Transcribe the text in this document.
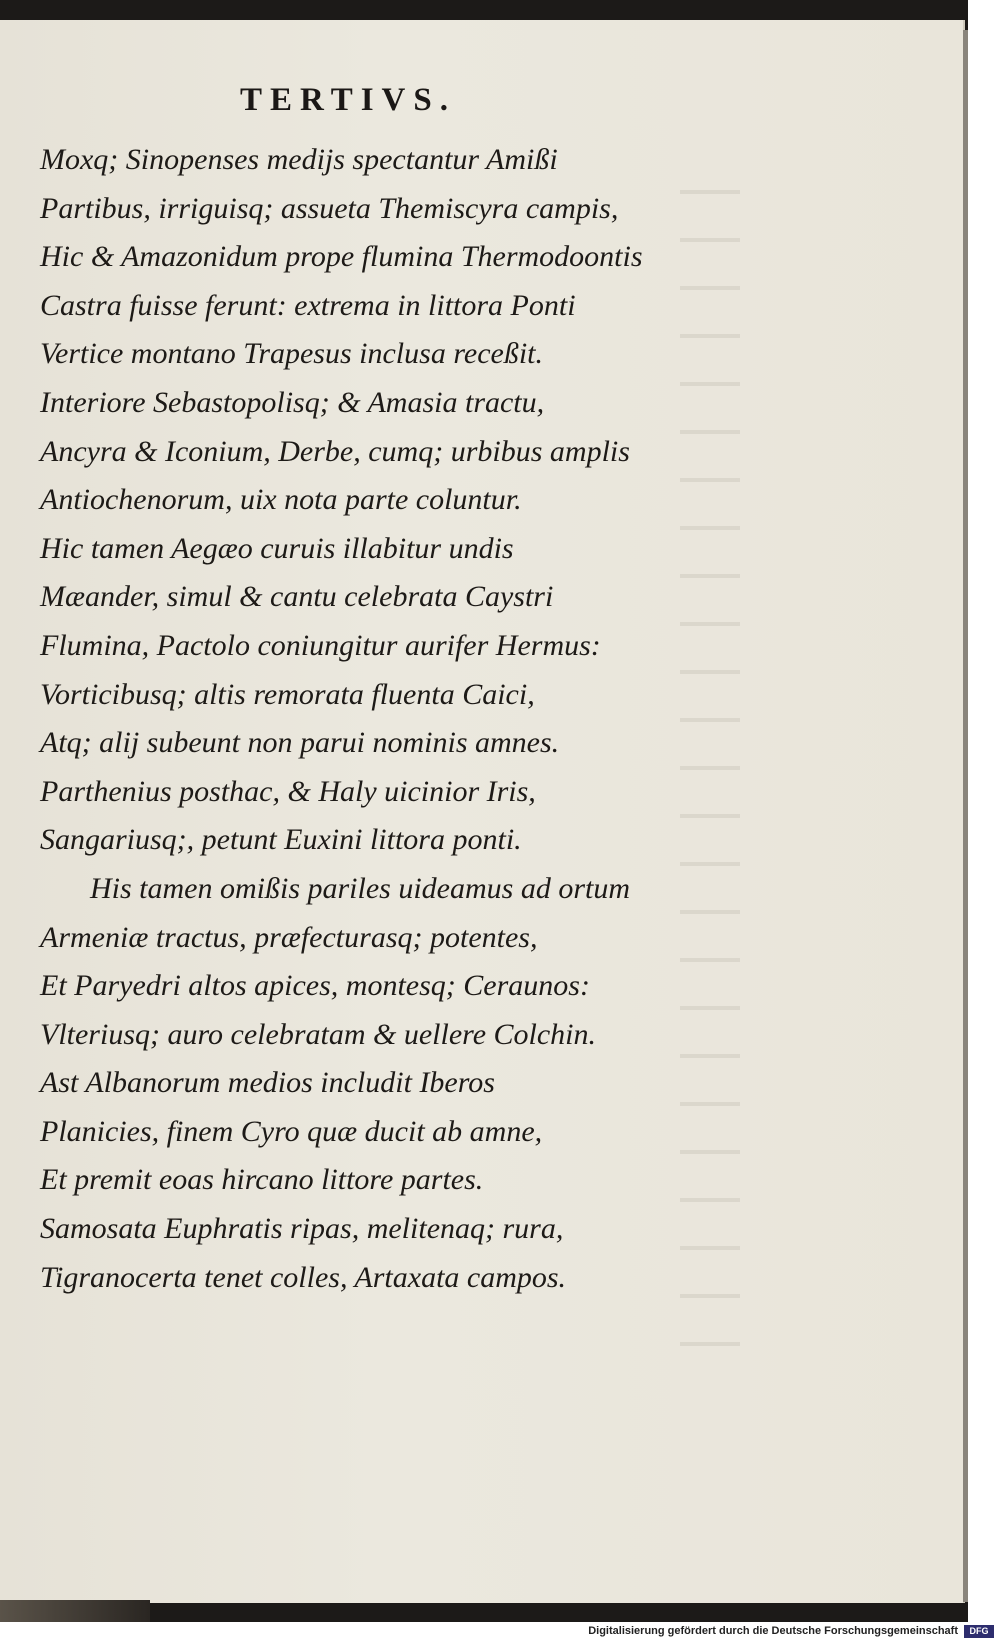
TERTIVS.
Moxq; Sinopenses medijs spectantur Amißi
Partibus, irriguisq; assueta Themiscyra campis,
Hic & Amazonidum prope flumina Thermodoontis
Castra fuisse ferunt: extrema in littora Ponti
Vertice montano Trapesus inclusa receßit.
Interiore Sebastopolisq; & Amasia tractu,
Ancyra & Iconium, Derbe, cumq; urbibus amplis
Antiochenorum, uix nota parte coluntur.
Hic tamen Aegæo curuis illabitur undis
Mæander, simul & cantu celebrata Caystri
Flumina, Pactolo coniungitur aurifer Hermus:
Vorticibusq; altis remorata fluenta Caici,
Atq; alij subeunt non parui nominis amnes.
Parthenius posthac, & Haly uicinior Iris,
Sangariusq;, petunt Euxini littora ponti.
His tamen omißis pariles uideamus ad ortum
Armeniæ tractus, præfecturasq; potentes,
Et Paryedri altos apices, montesq; Ceraunos:
Vlteriusq; auro celebratam & uellere Colchin.
Ast Albanorum medios includit Iberos
Planicies, finem Cyro quæ ducit ab amne,
Et premit eoas hircano littore partes.
Samosata Euphratis ripas, melitenaq; rura,
Tigranocerta tenet colles, Artaxata campos.
Digitalisierung gefördert durch die Deutsche Forschungsgemeinschaft	DFG
